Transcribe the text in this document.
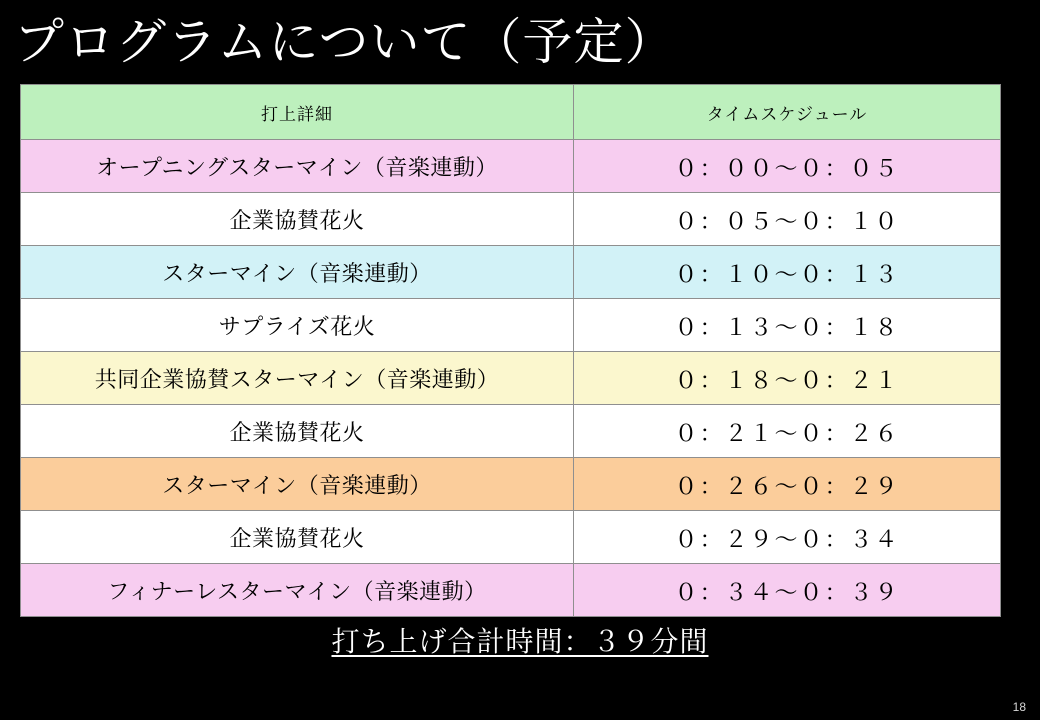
プログラムについて（予定）
打上詳細	タイムスケジュール
オープニングスターマイン（音楽連動）	０：００〜０：０５
企業協賛花火	０：０５〜０：１０
スターマイン（音楽連動）	０：１０〜０：１３
サプライズ花火	０：１３〜０：１８
共同企業協賛スターマイン（音楽連動）	０：１８〜０：２１
企業協賛花火	０：２１〜０：２６
スターマイン（音楽連動）	０：２６〜０：２９
企業協賛花火	０：２９〜０：３４
フィナーレスターマイン（音楽連動）	０：３４〜０：３９
打ち上げ合計時間：３９分間
18
